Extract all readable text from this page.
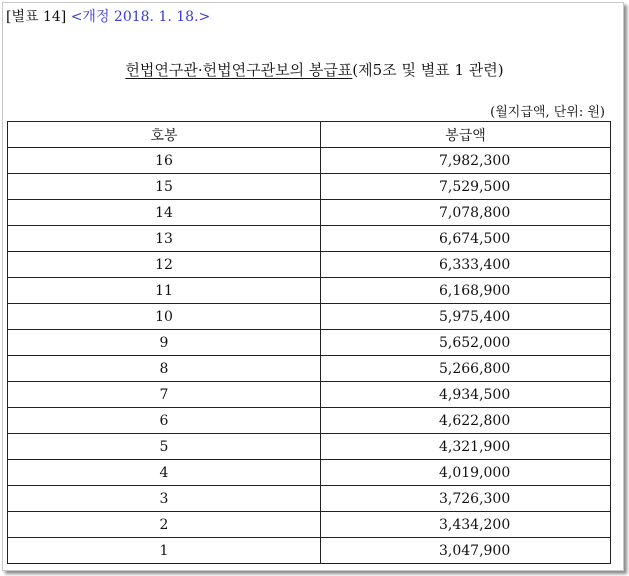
[별표 14] <개정 2018. 1. 18.>
헌법연구관·헌법연구관보의 봉급표(제5조 및 별표 1 관련)
(월지급액, 단위: 원)
호봉	봉급액
16	7,982,300
15	7,529,500
14	7,078,800
13	6,674,500
12	6,333,400
11	6,168,900
10	5,975,400
9	5,652,000
8	5,266,800
7	4,934,500
6	4,622,800
5	4,321,900
4	4,019,000
3	3,726,300
2	3,434,200
1	3,047,900
